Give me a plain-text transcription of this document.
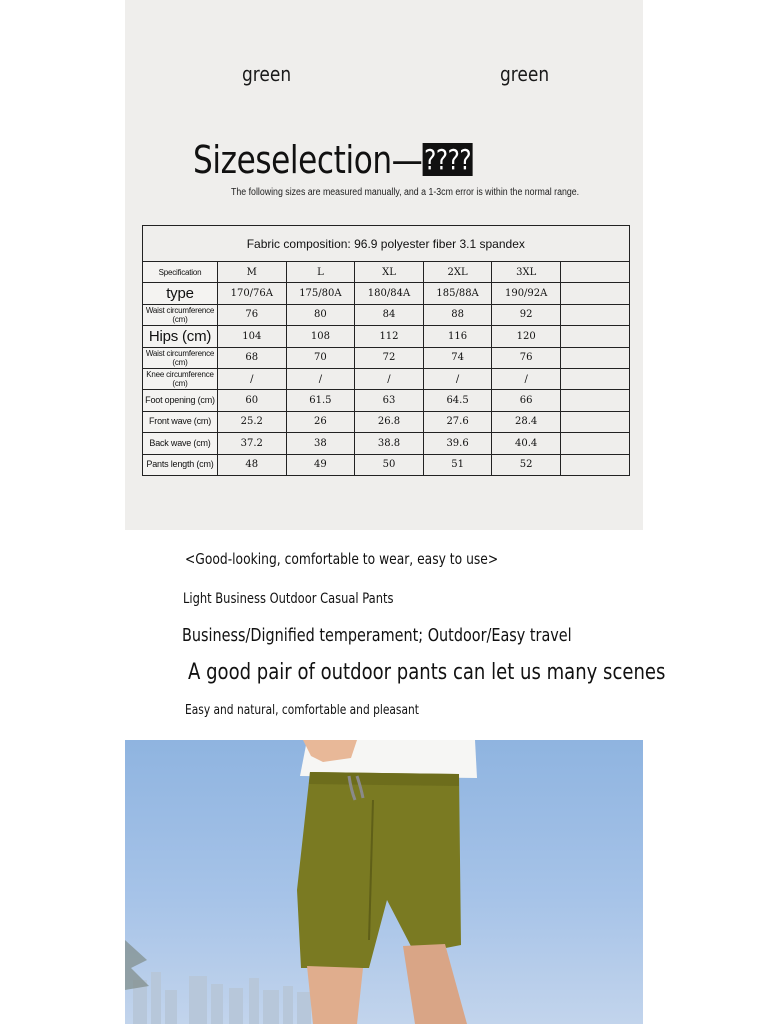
green	green
Sizeselection—????
The following sizes are measured manually, and a 1-3cm error is within the normal range.
Fabric composition: 96.9 polyester fiber 3.1 spandex						
Specification	M	L	XL	2XL	3XL	
type	170/76A	175/80A	180/84A	185/88A	190/92A	
Waist circumference (cm)	76	80	84	88	92	
Hips (cm)	104	108	112	116	120	
Waist circumference (cm)	68	70	72	74	76	
Knee circumference (cm)	/	/	/	/	/	
Foot opening (cm)	60	61.5	63	64.5	66	
Front wave (cm)	25.2	26	26.8	27.6	28.4	
Back wave (cm)	37.2	38	38.8	39.6	40.4	
Pants length (cm)	48	49	50	51	52	
<Good-looking, comfortable to wear, easy to use>
Light Business Outdoor Casual Pants
Business/Dignified temperament; Outdoor/Easy travel
A good pair of outdoor pants can let us many scenes
Easy and natural, comfortable and pleasant
